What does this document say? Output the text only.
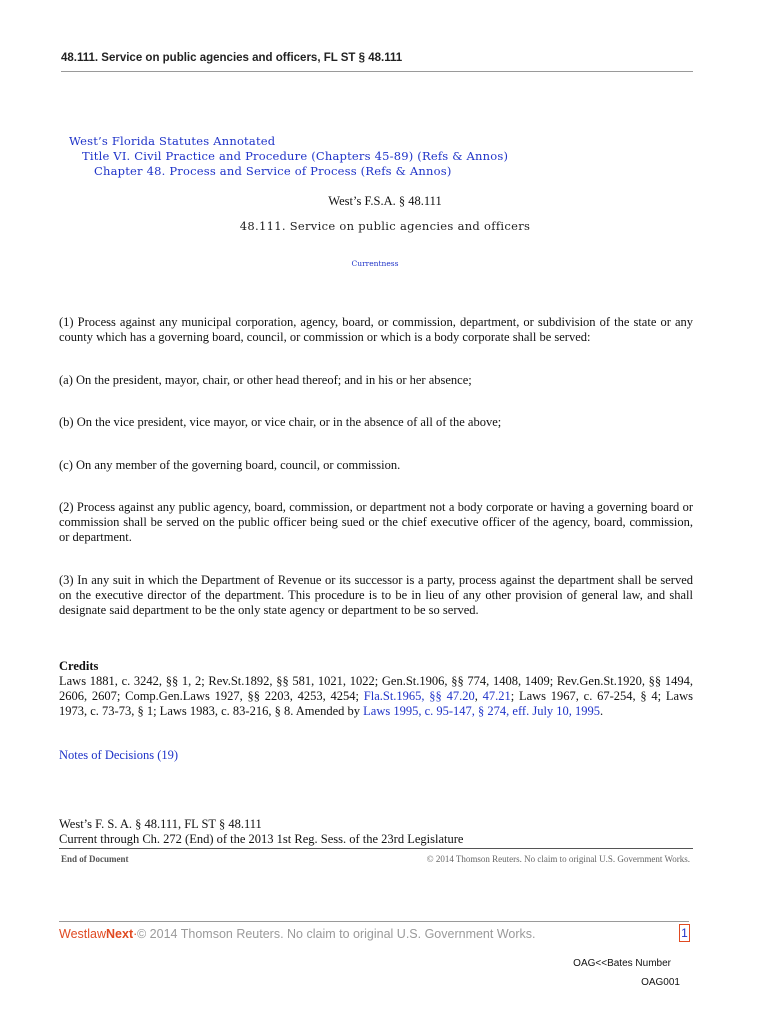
48.111. Service on public agencies and officers, FL ST § 48.111
West’s Florida Statutes Annotated
Title VI. Civil Practice and Procedure (Chapters 45-89) (Refs & Annos)
Chapter 48. Process and Service of Process (Refs & Annos)
West’s F.S.A. § 48.111
48.111. Service on public agencies and officers
Currentness
(1) Process against any municipal corporation, agency, board, or commission, department, or subdivision of the state or any county which has a governing board, council, or commission or which is a body corporate shall be served:
(a) On the president, mayor, chair, or other head thereof; and in his or her absence;
(b) On the vice president, vice mayor, or vice chair, or in the absence of all of the above;
(c) On any member of the governing board, council, or commission.
(2) Process against any public agency, board, commission, or department not a body corporate or having a governing board or commission shall be served on the public officer being sued or the chief executive officer of the agency, board, commission, or department.
(3) In any suit in which the Department of Revenue or its successor is a party, process against the department shall be served on the executive director of the department. This procedure is to be in lieu of any other provision of general law, and shall designate said department to be the only state agency or department to be so served.
Credits
Laws 1881, c. 3242, §§ 1, 2; Rev.St.1892, §§ 581, 1021, 1022; Gen.St.1906, §§ 774, 1408, 1409; Rev.Gen.St.1920, §§ 1494, 2606, 2607; Comp.Gen.Laws 1927, §§ 2203, 4253, 4254; Fla.St.1965, §§ 47.20, 47.21; Laws 1967, c. 67-254, § 4; Laws 1973, c. 73-73, § 1; Laws 1983, c. 83-216, § 8. Amended by Laws 1995, c. 95-147, § 274, eff. July 10, 1995.
Notes of Decisions (19)
West’s F. S. A. § 48.111, FL ST § 48.111
Current through Ch. 272 (End) of the 2013 1st Reg. Sess. of the 23rd Legislature
End of Document	© 2014 Thomson Reuters. No claim to original U.S. Government Works.
WestlawNext· © 2014 Thomson Reuters. No claim to original U.S. Government Works.	1
OAG<<Bates Number
OAG001
